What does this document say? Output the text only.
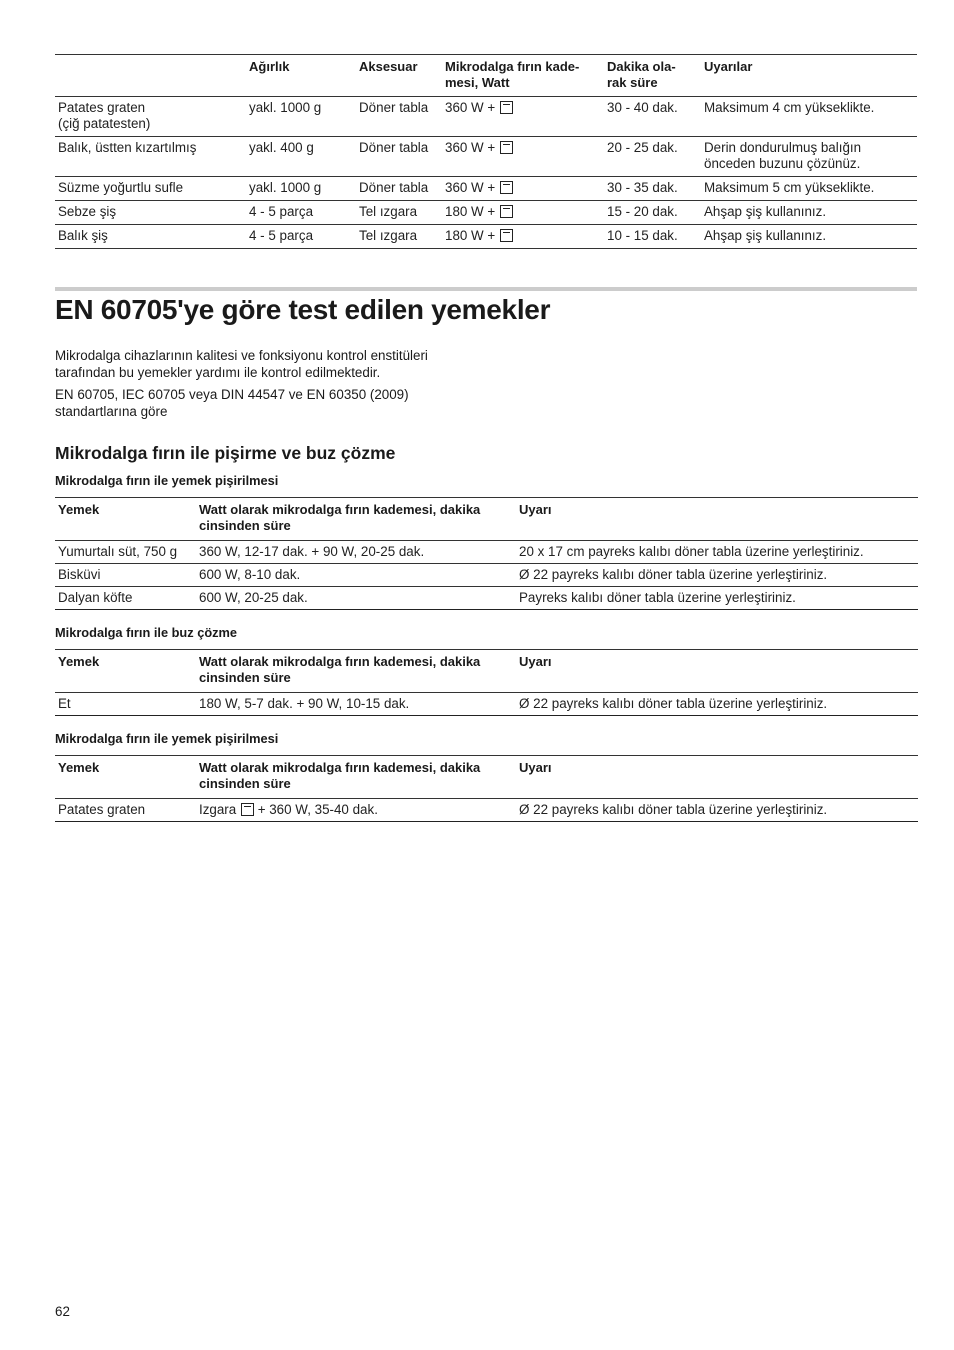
	Ağırlık	Aksesuar	Mikrodalga fırın kade-
mesi, Watt	Dakika ola-
rak süre	Uyarılar
Patates graten
(çiğ patatesten)	yakl. 1000 g	Döner tabla	360 W +	30 - 40 dak.	Maksimum 4 cm yükseklikte.
Balık, üstten kızartılmış	yakl. 400 g	Döner tabla	360 W +	20 - 25 dak.	Derin dondurulmuş balığın
önceden buzunu çözünüz.
Süzme yoğurtlu sufle	yakl. 1000 g	Döner tabla	360 W +	30 - 35 dak.	Maksimum 5 cm yükseklikte.
Sebze şiş	4 - 5 parça	Tel ızgara	180 W +	15 - 20 dak.	Ahşap şiş kullanınız.
Balık şiş	4 - 5 parça	Tel ızgara	180 W +	10 - 15 dak.	Ahşap şiş kullanınız.
EN 60705'ye göre test edilen yemekler

Mikrodalga cihazlarının kalitesi ve fonksiyonu kontrol enstitüleri tarafından bu yemekler yardımı ile kontrol edilmektedir.

EN 60705, IEC 60705 veya DIN 44547 ve EN 60350 (2009) standartlarına göre

Mikrodalga fırın ile pişirme ve buz çözme
Mikrodalga fırın ile yemek pişirilmesi
Yemek	Watt olarak mikrodalga fırın kademesi, dakika cinsinden süre	Uyarı
Yumurtalı süt, 750 g	360 W, 12-17 dak. + 90 W, 20-25 dak.	20 x 17 cm payreks kalıbı döner tabla üzerine yerleştiriniz.
Bisküvi	600 W, 8-10 dak.	Ø 22 payreks kalıbı döner tabla üzerine yerleştiriniz.
Dalyan köfte	600 W, 20-25 dak.	Payreks kalıbı döner tabla üzerine yerleştiriniz.
Mikrodalga fırın ile buz çözme
Yemek	Watt olarak mikrodalga fırın kademesi, dakika cinsinden süre	Uyarı
Et	180 W, 5-7 dak. + 90 W, 10-15 dak.	Ø 22 payreks kalıbı döner tabla üzerine yerleştiriniz.
Mikrodalga fırın ile yemek pişirilmesi
Yemek	Watt olarak mikrodalga fırın kademesi, dakika cinsinden süre	Uyarı
Patates graten	Izgara + 360 W, 35-40 dak.	Ø 22 payreks kalıbı döner tabla üzerine yerleştiriniz.
62
